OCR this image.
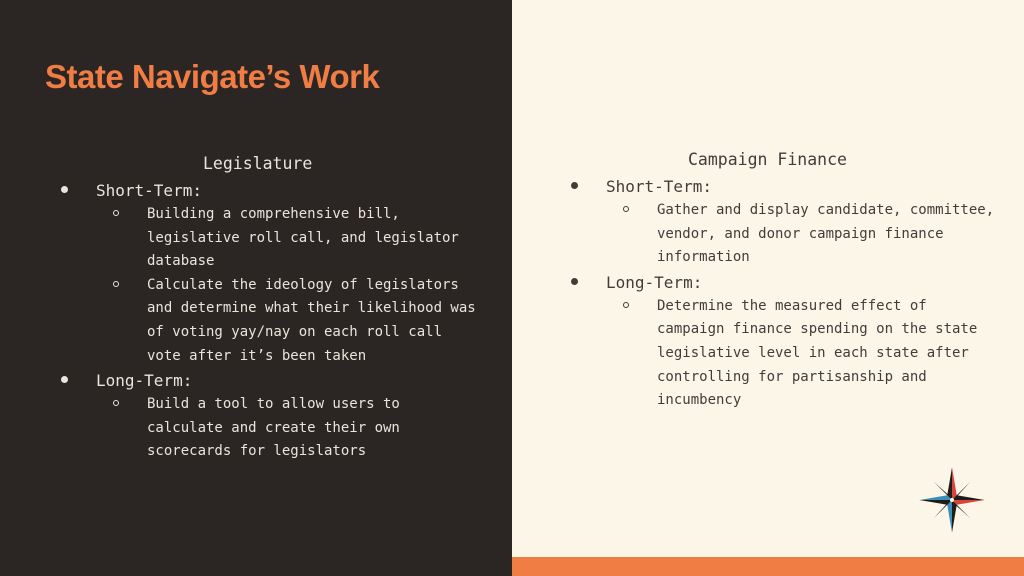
State Navigate’s Work
Legislature
Short-Term:
Building a comprehensive bill, legislative roll call, and legislator database
Calculate the ideology of legislators and determine what their likelihood was of voting yay/nay on each roll call vote after it’s been taken
Long-Term:
Build a tool to allow users to calculate and create their own scorecards for legislators
Campaign Finance
Short-Term:
Gather and display candidate, committee, vendor, and donor campaign finance information
Long-Term:
Determine the measured effect of campaign finance spending on the state legislative level in each state after controlling for partisanship and incumbency
